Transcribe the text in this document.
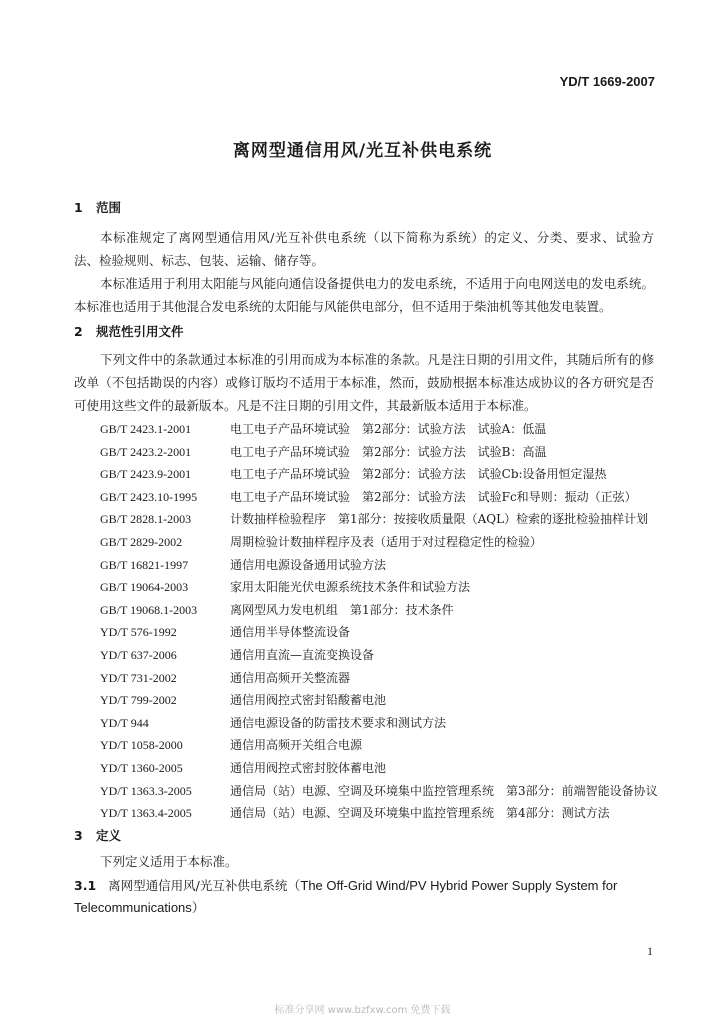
YD/T 1669-2007
离网型通信用风/光互补供电系统
1 范围

本标准规定了离网型通信用风/光互补供电系统（以下简称为系统）的定义、分类、要求、试验方法、检验规则、标志、包装、运输、储存等。

本标准适用于利用太阳能与风能向通信设备提供电力的发电系统，不适用于向电网送电的发电系统。本标准也适用于其他混合发电系统的太阳能与风能供电部分，但不适用于柴油机等其他发电装置。

2 规范性引用文件

下列文件中的条款通过本标准的引用而成为本标准的条款。凡是注日期的引用文件，其随后所有的修改单（不包括勘误的内容）或修订版均不适用于本标准，然而，鼓励根据本标准达成协议的各方研究是否可使用这些文件的最新版本。凡是不注日期的引用文件，其最新版本适用于本标准。

GB/T 2423.1-2001	电工电子产品环境试验　第2部分：试验方法　试验A：低温
GB/T 2423.2-2001	电工电子产品环境试验　第2部分：试验方法　试验B：高温
GB/T 2423.9-2001	电工电子产品环境试验　第2部分：试验方法　试验Cb:设备用恒定湿热
GB/T 2423.10-1995	电工电子产品环境试验　第2部分：试验方法　试验Fc和导则：振动（正弦）
GB/T 2828.1-2003	计数抽样检验程序　第1部分：按接收质量限（AQL）检索的逐批检验抽样计划
GB/T 2829-2002	周期检验计数抽样程序及表（适用于对过程稳定性的检验）
GB/T 16821-1997	通信用电源设备通用试验方法
GB/T 19064-2003	家用太阳能光伏电源系统技术条件和试验方法
GB/T 19068.1-2003	离网型风力发电机组　第1部分：技术条件
YD/T 576-1992	通信用半导体整流设备
YD/T 637-2006	通信用直流—直流变换设备
YD/T 731-2002	通信用高频开关整流器
YD/T 799-2002	通信用阀控式密封铅酸蓄电池
YD/T 944	通信电源设备的防雷技术要求和测试方法
YD/T 1058-2000	通信用高频开关组合电源
YD/T 1360-2005	通信用阀控式密封胶体蓄电池
YD/T 1363.3-2005	通信局（站）电源、空调及环境集中监控管理系统　第3部分：前端智能设备协议
YD/T 1363.4-2005	通信局（站）电源、空调及环境集中监控管理系统　第4部分：测试方法
3 定义

下列定义适用于本标准。

3.1 离网型通信用风/光互补供电系统（The Off-Grid Wind/PV Hybrid Power Supply System for Telecommunications）
1
标准分享网 www.bzfxw.com 免费下载
